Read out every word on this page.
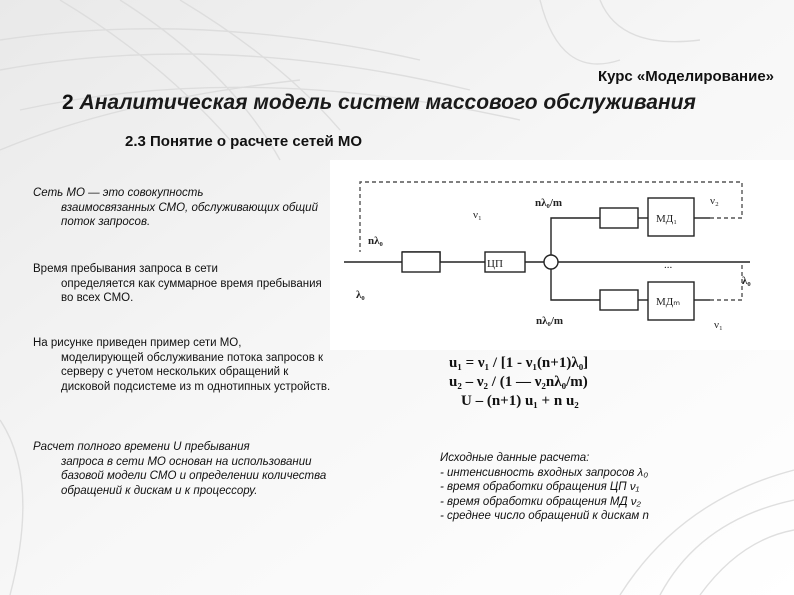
Курс «Моделирование»
2 Аналитическая модель систем массового обслуживания
2.3 Понятие о расчете сетей МО
Сеть МО — это совокупность
взаимосвязанных СМО, обслуживающих общий поток запросов.
Время пребывания запроса в сети
определяется как суммарное время пребывания во всех СМО.
На рисунке приведен пример сети МО,
моделирующей обслуживание потока запросов к серверу с учетом нескольких обращений к дисковой подсистеме из m однотипных устройств.
Расчет полного времени U пребывания
запроса в сети МО основан на использовании базовой модели СМО и определении количества обращений к дискам и к процессору.
nλ₀
λ₀
ν₁
ЦП
nλ₀/m
nλ₀/m
МД₁
МДₘ
...
ν₂
λ₀
ν₁
u₁ = ν₁ / [1 - ν₁(n+1)λ₀]
u₂ – ν₂ / (1 — ν₂nλ₀/m)
U – (n+1) u₁ + n u₂
Исходные данные расчета:
- интенсивность входных запросов λ₀
- время обработки обращения ЦП ν₁
- время обработки обращения МД ν₂
- среднее число обращений к дискам n
